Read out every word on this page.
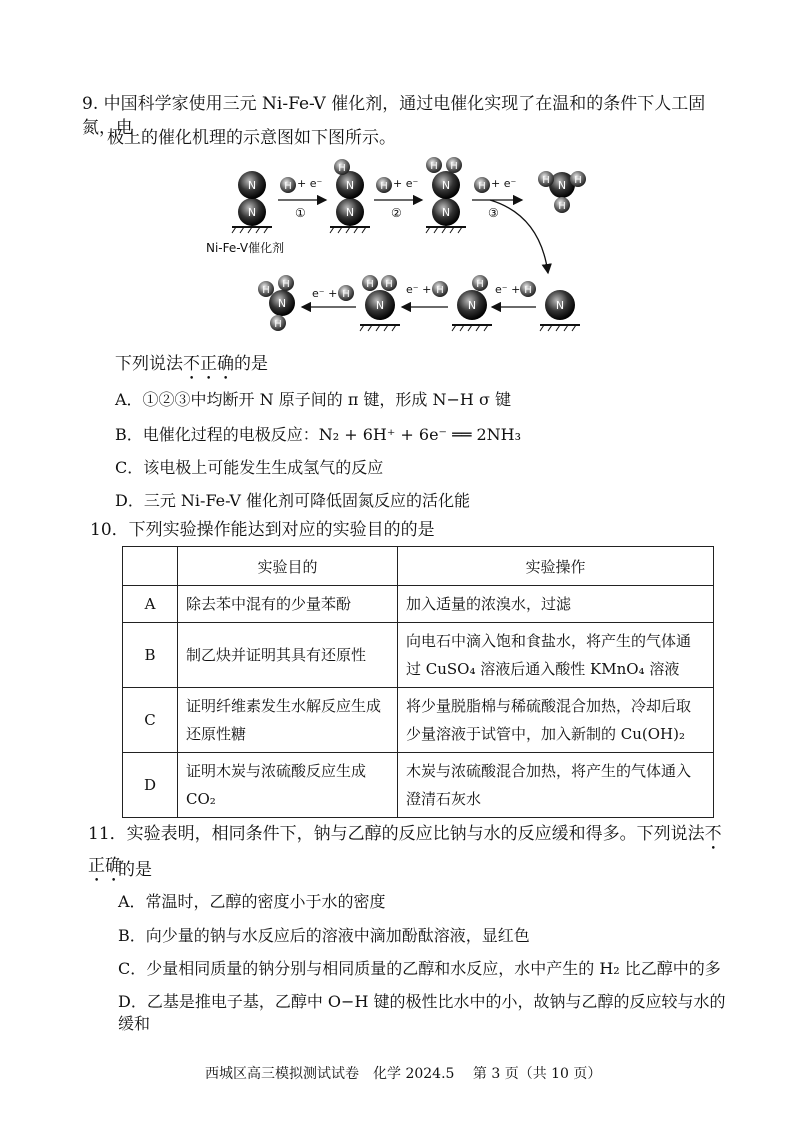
9. 中国科学家使用三元 Ni-Fe-V 催化剂，通过电催化实现了在温和的条件下人工固氮，电
极上的催化机理的示意图如下图所示。
N
N
Ni-Fe-V催化剂
H + e⁻
①
H
N
N	H + e⁻
②
H H
N
N	H + e⁻
③
N
H H
H
N
e⁻ + H
N
H
e⁻ + H
N
H H
e⁻ + H
N
H
H
H
下列说法不正确的是
A．①②③中均断开 N 原子间的 π 键，形成 N−H σ 键
B．电催化过程的电极反应：N₂ + 6H⁺ + 6e⁻ ══ 2NH₃
C．该电极上可能发生生成氢气的反应
D．三元 Ni-Fe-V 催化剂可降低固氮反应的活化能
10．下列实验操作能达到对应的实验目的的是
	实验目的	实验操作
A	除去苯中混有的少量苯酚	加入适量的浓溴水，过滤
B	制乙炔并证明其具有还原性	向电石中滴入饱和食盐水，将产生的气体通过 CuSO₄ 溶液后通入酸性 KMnO₄ 溶液
C	证明纤维素发生水解反应生成还原性糖	将少量脱脂棉与稀硫酸混合加热，冷却后取少量溶液于试管中，加入新制的 Cu(OH)₂
D	证明木炭与浓硫酸反应生成 CO₂	木炭与浓硫酸混合加热，将产生的气体通入澄清石灰水
11．实验表明，相同条件下，钠与乙醇的反应比钠与水的反应缓和得多。下列说法不正确
的是
A．常温时，乙醇的密度小于水的密度
B．向少量的钠与水反应后的溶液中滴加酚酞溶液，显红色
C．少量相同质量的钠分别与相同质量的乙醇和水反应，水中产生的 H₂ 比乙醇中的多
D．乙基是推电子基，乙醇中 O−H 键的极性比水中的小，故钠与乙醇的反应较与水的缓和
西城区高三模拟测试试卷　化学 2024.5　 第 3 页（共 10 页）
